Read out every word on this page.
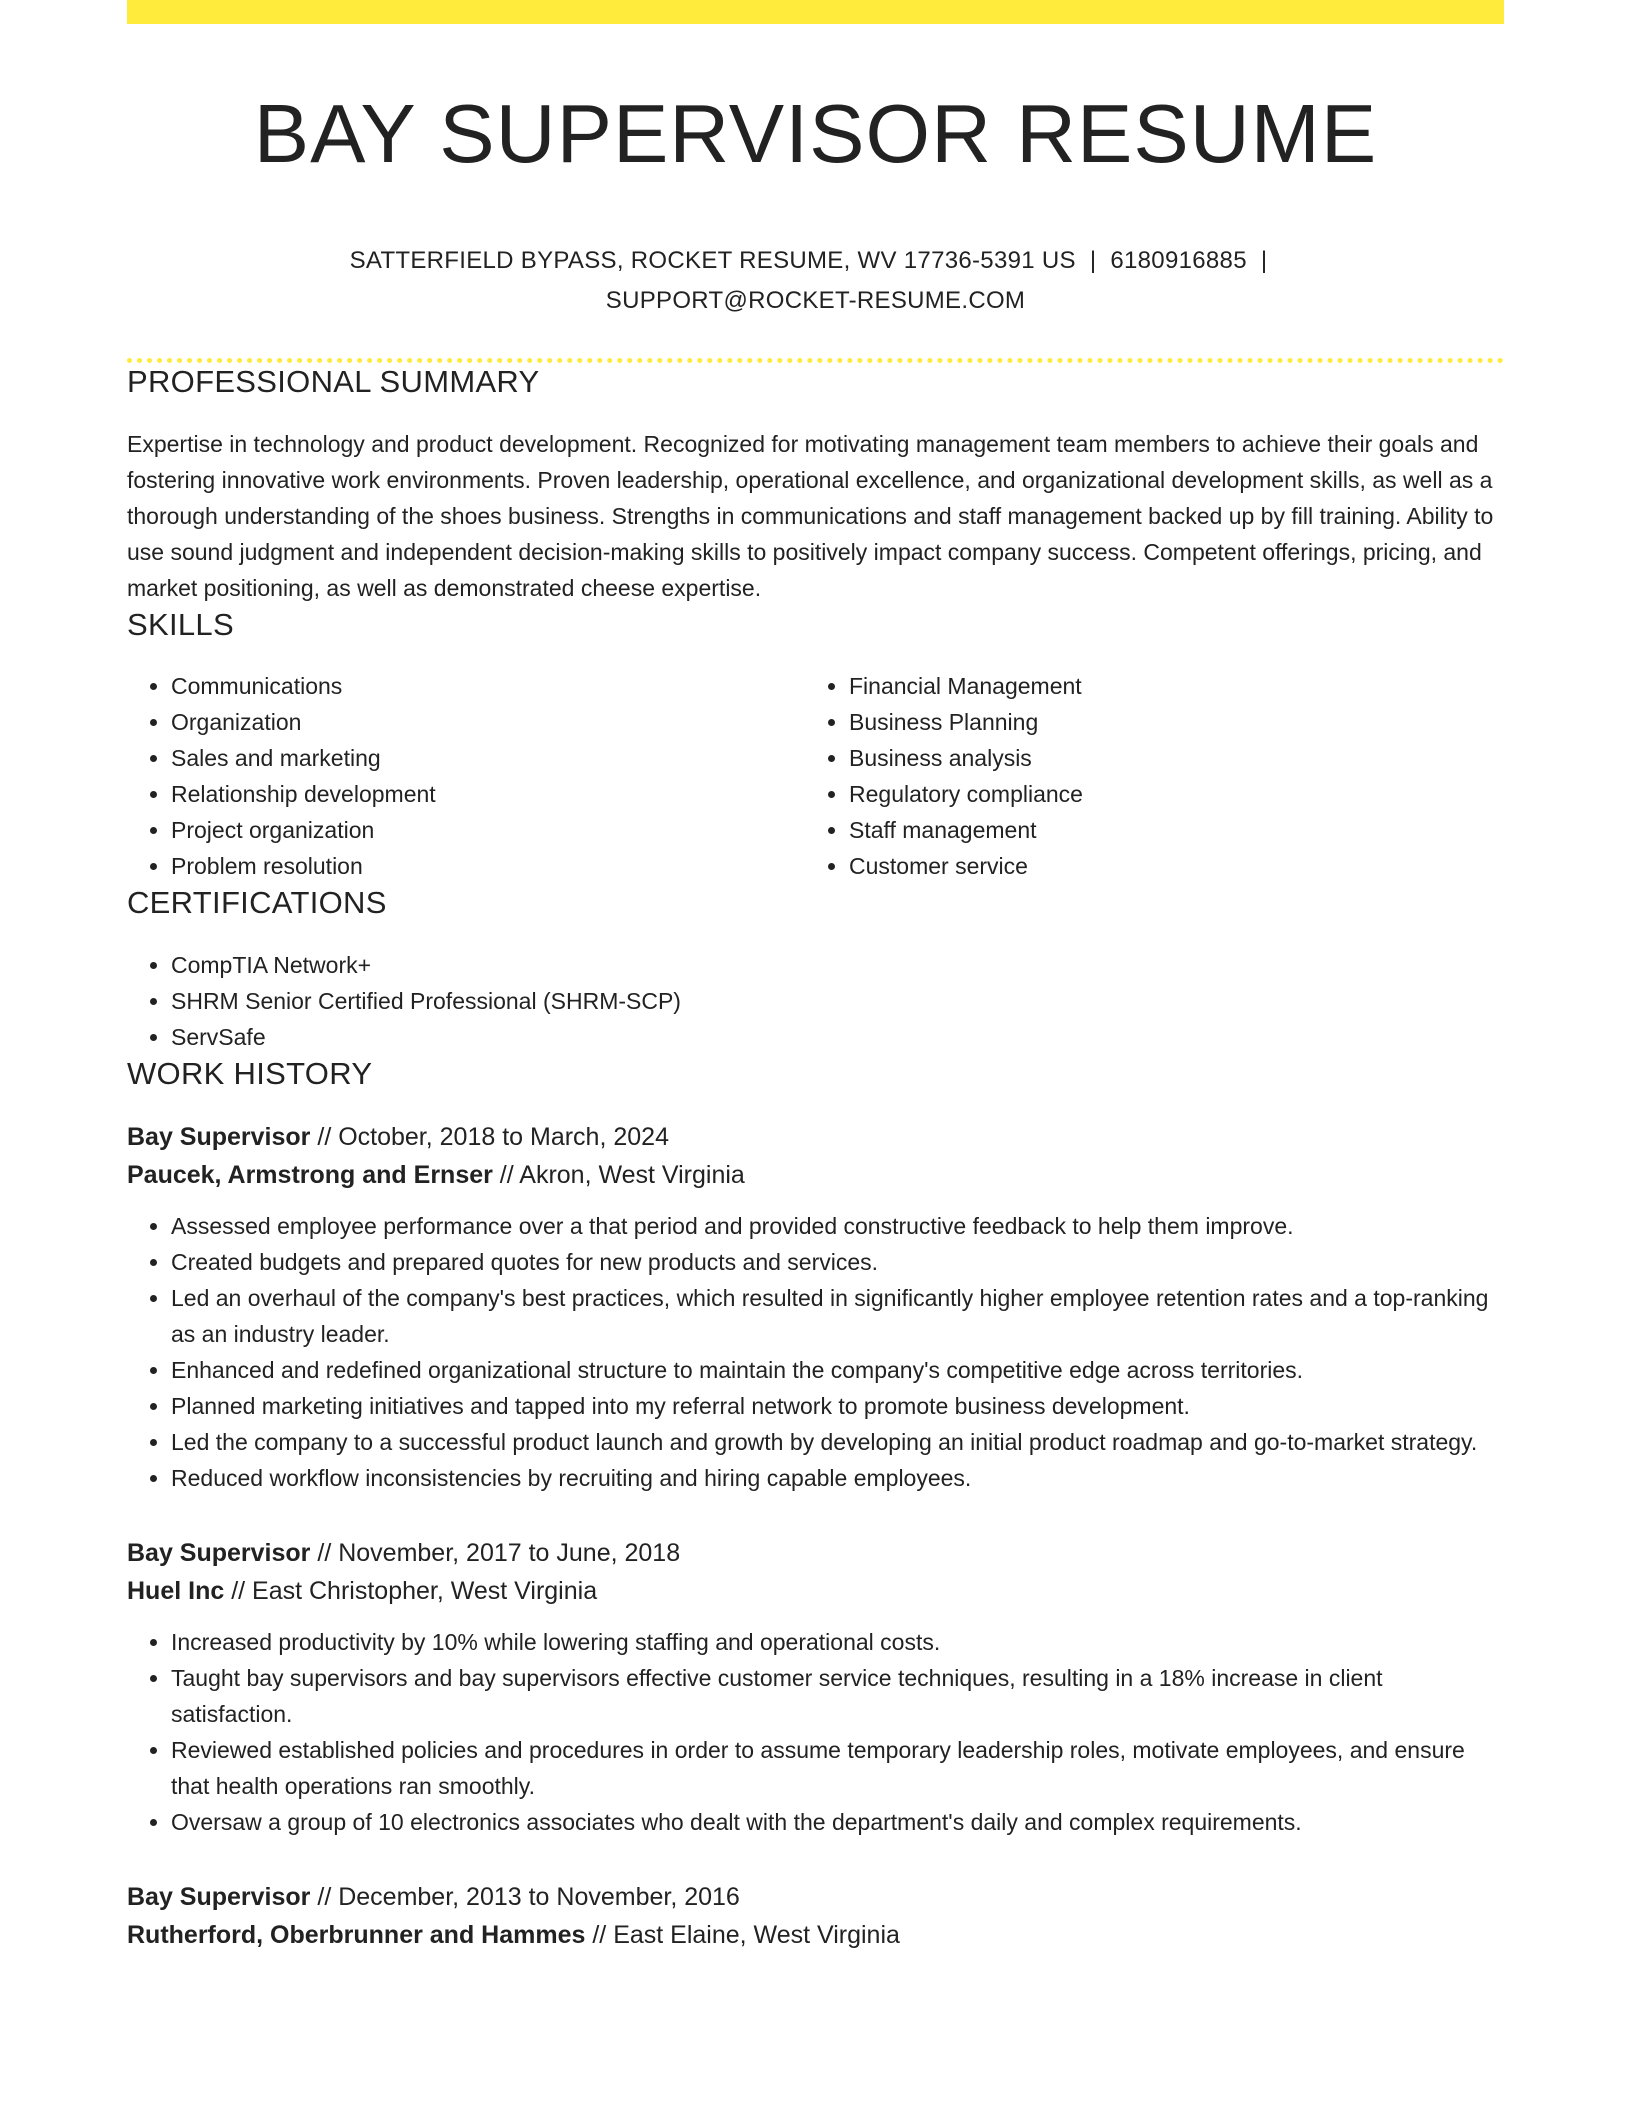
BAY SUPERVISOR RESUME
SATTERFIELD BYPASS, ROCKET RESUME, WV 17736-5391 US | 6180916885 |
SUPPORT@ROCKET-RESUME.COM
PROFESSIONAL SUMMARY

Expertise in technology and product development. Recognized for motivating management team members to achieve their goals and fostering innovative work environments. Proven leadership, operational excellence, and organizational development skills, as well as a thorough understanding of the shoes business. Strengths in communications and staff management backed up by fill training. Ability to use sound judgment and independent decision-making skills to positively impact company success. Competent offerings, pricing, and market positioning, as well as demonstrated cheese expertise.

SKILLS
• Communications
• Organization
• Sales and marketing
• Relationship development
• Project organization
• Problem resolution
• Financial Management
• Business Planning
• Business analysis
• Regulatory compliance
• Staff management
• Customer service
CERTIFICATIONS
• CompTIA Network+
• SHRM Senior Certified Professional (SHRM-SCP)
• ServSafe
WORK HISTORY
Bay Supervisor // October, 2018 to March, 2024
Paucek, Armstrong and Ernser // Akron, West Virginia
• Assessed employee performance over a that period and provided constructive feedback to help them improve.
• Created budgets and prepared quotes for new products and services.
• Led an overhaul of the company's best practices, which resulted in significantly higher employee retention rates and a top-ranking as an industry leader.
• Enhanced and redefined organizational structure to maintain the company's competitive edge across territories.
• Planned marketing initiatives and tapped into my referral network to promote business development.
• Led the company to a successful product launch and growth by developing an initial product roadmap and go-to-market strategy.
• Reduced workflow inconsistencies by recruiting and hiring capable employees.
Bay Supervisor // November, 2017 to June, 2018
Huel Inc // East Christopher, West Virginia
• Increased productivity by 10% while lowering staffing and operational costs.
• Taught bay supervisors and bay supervisors effective customer service techniques, resulting in a 18% increase in client satisfaction.
• Reviewed established policies and procedures in order to assume temporary leadership roles, motivate employees, and ensure that health operations ran smoothly.
• Oversaw a group of 10 electronics associates who dealt with the department's daily and complex requirements.
Bay Supervisor // December, 2013 to November, 2016
Rutherford, Oberbrunner and Hammes // East Elaine, West Virginia
